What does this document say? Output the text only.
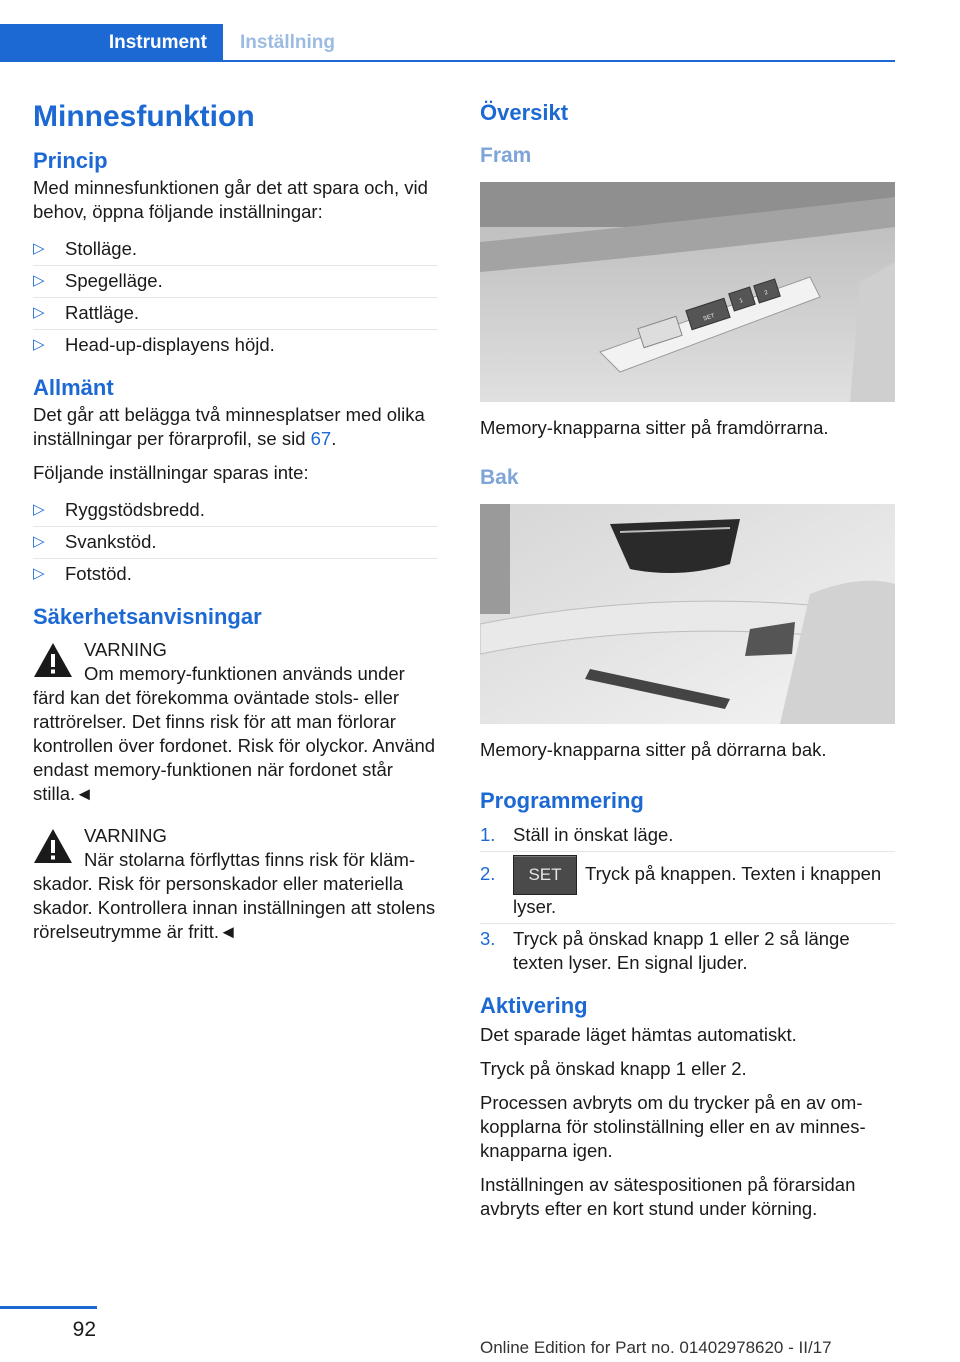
Instrument	Inställning
Minnesfunktion
Princip

Med minnesfunktionen går det att spara och, vid behov, öppna följande inställningar:

▷ Stolläge.
▷ Spegelläge.
▷ Rattläge.
▷ Head-up-displayens höjd.
Allmänt

Det går att belägga två minnesplatser med olika inställningar per förarprofil, se sid 67.

Följande inställningar sparas inte:

▷ Ryggstödsbredd.
▷ Svankstöd.
▷ Fotstöd.
Säkerhetsanvisningar
VARNING
Om memory-funktionen används under
färd kan det förekomma oväntade stols- eller rattrörelser. Det finns risk för att man förlorar kontrollen över fordonet. Risk för olyckor. Använd endast memory-funktionen när fordonet står stilla.◄
VARNING
När stolarna förflyttas finns risk för kläm-
skador. Risk för personskador eller materiella skador. Kontrollera innan inställningen att stolens rörelseutrymme är fritt.◄
Översikt
Fram
SET
1
2

Memory-knapparna sitter på framdörrarna.

Bak

Memory-knapparna sitter på dörrarna bak.

Programmering
1. Ställ in önskat läge.
2. SET Tryck på knappen. Texten i knappen lyser.
3. Tryck på önskad knapp 1 eller 2 så länge texten lyser. En signal ljuder.
Aktivering

Det sparade läget hämtas automatiskt.

Tryck på önskad knapp 1 eller 2.

Processen avbryts om du trycker på en av omkopplarna för stolinställning eller en av minnesknapparna igen.

Inställningen av sätespositionen på förarsidan avbryts efter en kort stund under körning.

92
Online Edition for Part no. 01402978620 - II/17
